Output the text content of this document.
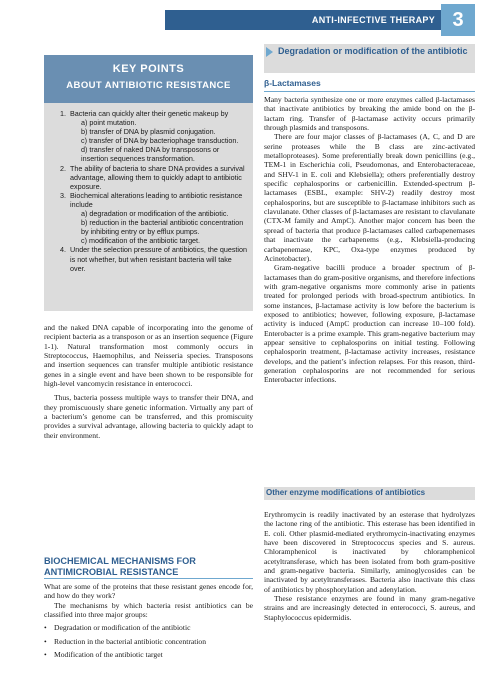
ANTI-INFECTIVE THERAPY 3
KEY POINTS
ABOUT ANTIBIOTIC RESISTANCE
1. Bacteria can quickly alter their genetic makeup by
a) point mutation.
b) transfer of DNA by plasmid conjugation.
c) transfer of DNA by bacteriophage transduction.
d) transfer of naked DNA by transposons or insertion sequences transformation.
2. The ability of bacteria to share DNA provides a survival advantage, allowing them to quickly adapt to antibiotic exposure.
3. Biochemical alterations leading to antibiotic resistance include
a) degradation or modification of the antibiotic.
b) reduction in the bacterial antibiotic concentration by inhibiting entry or by efflux pumps.
c) modification of the antibiotic target.
4. Under the selection pressure of antibiotics, the question is not whether, but when resistant bacteria will take over.

and the naked DNA capable of incorporating into the genome of recipient bacteria as a transposon or as an insertion sequence (Figure 1-1). Natural transformation most commonly occurs in Streptococcus, Haemophilus, and Neisseria species. Transposons and insertion sequences can transfer multiple antibiotic resistance genes in a single event and have been shown to be responsible for high-level vancomycin resistance in enterococci.

Thus, bacteria possess multiple ways to transfer their DNA, and they promiscuously share genetic information. Virtually any part of a bacterium’s genome can be transferred, and this promiscuity provides a survival advantage, allowing bacteria to quickly adapt to their environment.

BIOCHEMICAL MECHANISMS FOR ANTIMICROBIAL RESISTANCE

What are some of the proteins that these resistant genes encode for, and how do they work?

The mechanisms by which bacteria resist antibiotics can be classified into three major groups:

• Degradation or modification of the antibiotic
• Reduction in the bacterial antibiotic concentration
• Modification of the antibiotic target
Degradation or modification of the antibiotic
β-Lactamases

Many bacteria synthesize one or more enzymes called β-lactamases that inactivate antibiotics by breaking the amide bond on the β-lactam ring. Transfer of β-lactamase activity occurs primarily through plasmids and transposons.

There are four major classes of β-lactamases (A, C, and D are serine proteases while the B class are zinc-activated metalloproteases). Some preferentially break down penicillins (e.g., TEM-1 in Escherichia coli, Pseudomonas, and Enterobacteraceae, and SHV-1 in E. coli and Klebsiella); others preferentially destroy specific cephalosporins or carbenicillin. Extended-spectrum β-lactamases (ESBL, example: SHV-2) readily destroy most cephalosporins, but are susceptible to β-lactamase inhibitors such as clavulanate. Other classes of β-lactamases are resistant to clavulanate (CTX-M family and AmpC). Another major concern has been the spread of bacteria that produce β-lactamases called carbapenemases that inactivate the carbapenems (e.g., Klebsiella-producing carbapenemase, KPC, Oxa-type enzymes produced by Acinetobacter).

Gram-negative bacilli produce a broader spectrum of β-lactamases than do gram-positive organisms, and therefore infections with gram-negative organisms more commonly arise in patients treated for prolonged periods with broad-spectrum antibiotics. In some instances, β-lactamase activity is low before the bacterium is exposed to antibiotics; however, following exposure, β-lactamase activity is induced (AmpC production can increase 10–100 fold). Enterobacter is a prime example. This gram-negative bacterium may appear sensitive to cephalosporins on initial testing. Following cephalosporin treatment, β-lactamase activity increases, resistance develops, and the patient’s infection relapses. For this reason, third-generation cephalosporins are not recommended for serious Enterobacter infections.

Other enzyme modifications of antibiotics

Erythromycin is readily inactivated by an esterase that hydrolyzes the lactone ring of the antibiotic. This esterase has been identified in E. coli. Other plasmid-mediated erythromycin-inactivating enzymes have been discovered in Streptococcus species and S. aureus. Chloramphenicol is inactivated by chloramphenicol acetyltransferase, which has been isolated from both gram-positive and gram-negative bacteria. Similarly, aminoglycosides can be inactivated by acetyltransferases. Bacteria also inactivate this class of antibiotics by phosphorylation and adenylation.

These resistance enzymes are found in many gram-negative strains and are increasingly detected in enterococci, S. aureus, and Staphylococcus epidermidis.
